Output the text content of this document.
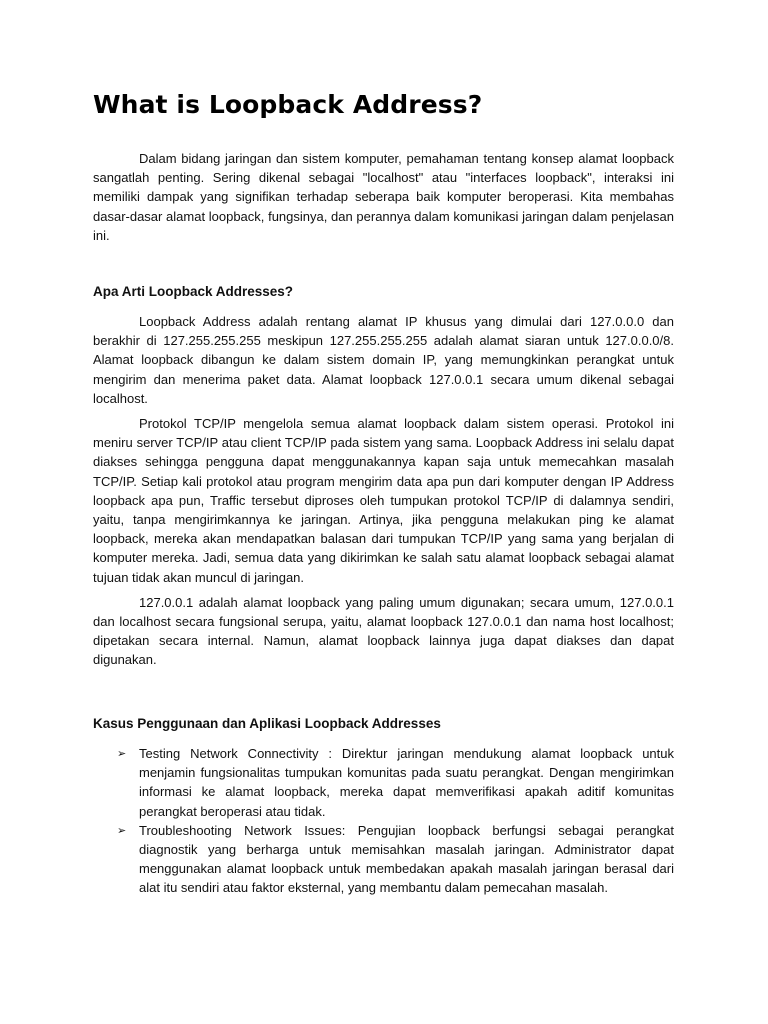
What is Loopback Address?

Dalam bidang jaringan dan sistem komputer, pemahaman tentang konsep alamat loopback sangatlah penting. Sering dikenal sebagai "localhost" atau "interfaces loopback", interaksi ini memiliki dampak yang signifikan terhadap seberapa baik komputer beroperasi. Kita membahas dasar-dasar alamat loopback, fungsinya, dan perannya dalam komunikasi jaringan dalam penjelasan ini.

Apa Arti Loopback Addresses?

Loopback Address adalah rentang alamat IP khusus yang dimulai dari 127.0.0.0 dan berakhir di 127.255.255.255 meskipun 127.255.255.255 adalah alamat siaran untuk 127.0.0.0/8. Alamat loopback dibangun ke dalam sistem domain IP, yang memungkinkan perangkat untuk mengirim dan menerima paket data. Alamat loopback 127.0.0.1 secara umum dikenal sebagai localhost.

Protokol TCP/IP mengelola semua alamat loopback dalam sistem operasi. Protokol ini meniru server TCP/IP atau client TCP/IP pada sistem yang sama. Loopback Address ini selalu dapat diakses sehingga pengguna dapat menggunakannya kapan saja untuk memecahkan masalah TCP/IP. Setiap kali protokol atau program mengirim data apa pun dari komputer dengan IP Address loopback apa pun, Traffic tersebut diproses oleh tumpukan protokol TCP/IP di dalamnya sendiri, yaitu, tanpa mengirimkannya ke jaringan. Artinya, jika pengguna melakukan ping ke alamat loopback, mereka akan mendapatkan balasan dari tumpukan TCP/IP yang sama yang berjalan di komputer mereka. Jadi, semua data yang dikirimkan ke salah satu alamat loopback sebagai alamat tujuan tidak akan muncul di jaringan.

127.0.0.1 adalah alamat loopback yang paling umum digunakan; secara umum, 127.0.0.1 dan localhost secara fungsional serupa, yaitu, alamat loopback 127.0.0.1 dan nama host localhost; dipetakan secara internal. Namun, alamat loopback lainnya juga dapat diakses dan dapat digunakan.

Kasus Penggunaan dan Aplikasi Loopback Addresses
➢ Testing Network Connectivity : Direktur jaringan mendukung alamat loopback untuk menjamin fungsionalitas tumpukan komunitas pada suatu perangkat. Dengan mengirimkan informasi ke alamat loopback, mereka dapat memverifikasi apakah aditif komunitas perangkat beroperasi atau tidak.
➢ Troubleshooting Network Issues: Pengujian loopback berfungsi sebagai perangkat diagnostik yang berharga untuk memisahkan masalah jaringan. Administrator dapat menggunakan alamat loopback untuk membedakan apakah masalah jaringan berasal dari alat itu sendiri atau faktor eksternal, yang membantu dalam pemecahan masalah.
